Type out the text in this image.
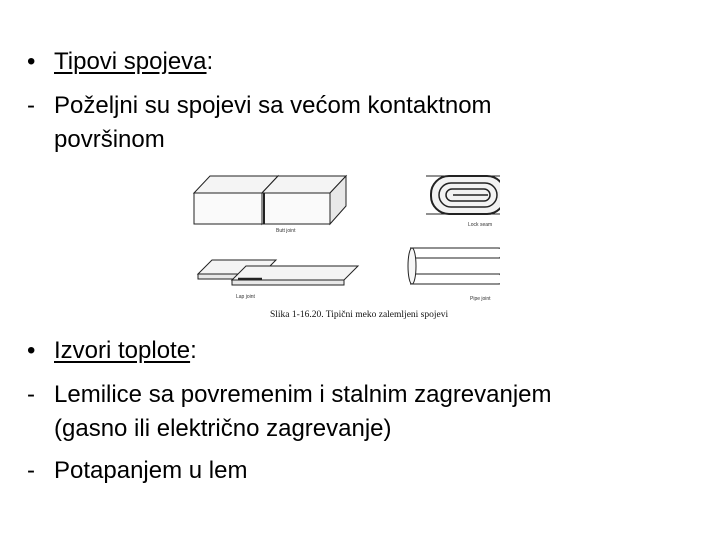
• Tipovi spojeva:
- Poželjni su spojevi sa većom kontaktnom
površinom
Butt joint
Lock seam
Lap joint	Pipe joint
Slika 1-16.20. Tipični meko zalemljeni spojevi
• Izvori toplote:
- Lemilice sa povremenim i stalnim zagrevanjem
(gasno ili električno zagrevanje)
- Potapanjem u lem
